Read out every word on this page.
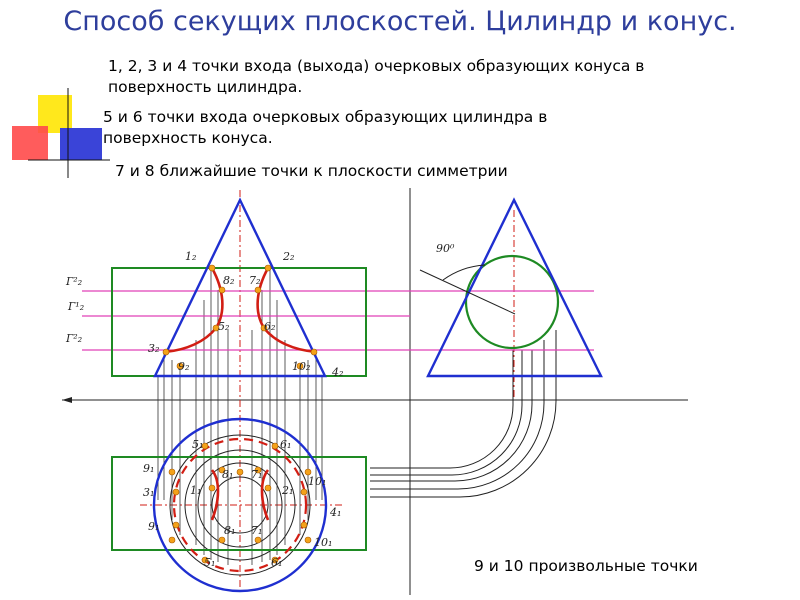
Способ секущих плоскостей. Цилиндр и конус.
1, 2, 3 и 4 точки входа (выхода) очерковых образующих конуса в поверхность цилиндра.
5 и 6 точки входа очерковых образующих цилиндра в поверхность конуса.
7 и 8 ближайшие точки к плоскости симметрии
9 и 10 произвольные точки
1₂	2₂
8₂ 7₂
5₂	6₂
3₂
4₂
9₂	10₂
Г²₂
Г¹₂
Г²₂
90⁰
5₁	6₁
9₁
10₁
8₁ 7₁
1₁	2₁
3₁
4₁
9₁
10₁
8₁ 7₁
5₁	6₁
